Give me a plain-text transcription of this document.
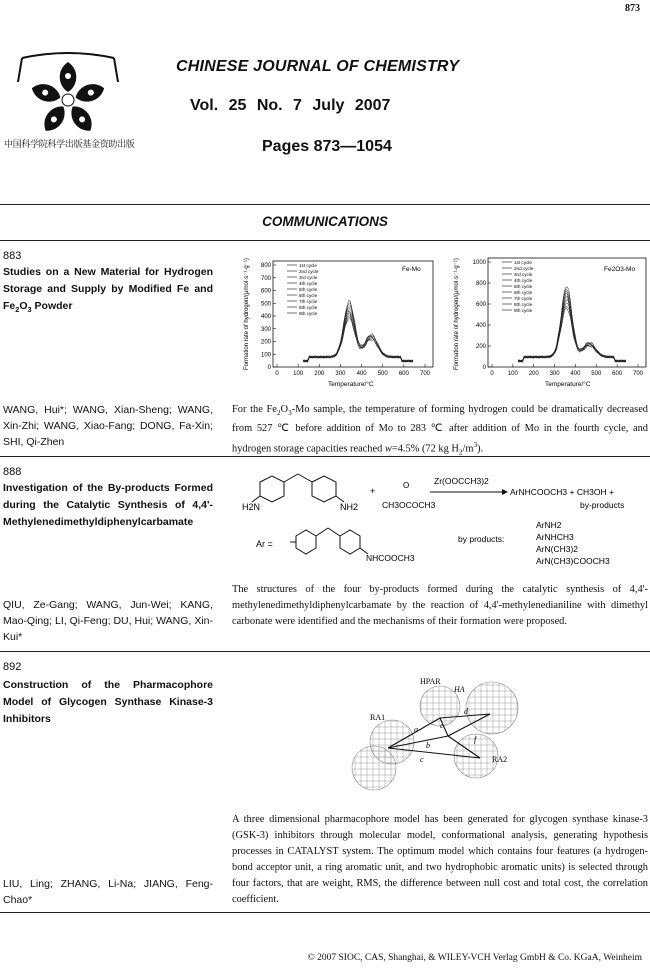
873
中国科学院科学出版基金资助出版
CHINESE JOURNAL OF CHEMISTRY
Vol. 25 No. 7 July 2007
Pages 873—1054
COMMUNICATIONS
883
Studies on a New Material for Hydrogen Storage and Supply by Modified Fe and $Fe_2O_3$ Powder	Formation rate of hydrogen/(μmol·s⁻¹·g⁻¹) 800
700
600
500
400
300
200
100
0
0 100 200 300 400 500 600 700
Fe-Mo
1st cycle
2nd cycle
3rd cycle
4th cycle
5th cycle
6th cycle
7th cycle
8th cycle
9th cycle
Temperature/°C
Formation rate of hydrogen/(μmol·s⁻¹·g⁻¹) 1000
800
600
400
200
0
0 100 200 300 400 500 600 700
Fe2O3-Mo
1st cycle
2nd cycle
3rd cycle
4th cycle
5th cycle
6th cycle
7th cycle
8th cycle
9th cycle
Temperature/°C
WANG, Hui*; WANG, Xian-Sheng; WANG, Xin-Zhi; WANG, Xiao-Fang; DONG, Fa-Xin; SHI, Qi-Zhen
For the $Fe_2O_3-Mo$ sample, the temperature of forming hydrogen could be dramatically decreased from 527 ℃ before addition of Mo to 283 ℃ after addition of Mo in the fourth cycle, and hydrogen storage capacities reached w=4.5% (72 kg $H_2/m^3$).
888
Investigation of the By-products Formed during the Catalytic Synthesis of 4,4'-Methylenedimethyldiphenylcarbamate
H2N	NH2
+
O
CH3OCOCH3
Zr(OOCCH3)2
ArNHCOOCH3 + CH3OH +
by-products
Ar =
NHCOOCH3
by products:
ArNH2
ArNHCH3
ArN(CH3)2
ArN(CH3)COOCH3
QIU, Ze-Gang; WANG, Jun-Wei; KANG, Mao-Qing; LI, Qi-Feng; DU, Hui; WANG, Xin-Kui*
The structures of the four by-products formed during the catalytic synthesis of 4,4'-methylenedimethyldiphenylcarbamate by the reaction of 4,4'-methylenedianiline with dimethyl carbonate were identified and the mechanisms of their formation were proposed.
892
Construction of the Pharmacophore Model of Glycogen Synthase Kinase-3 Inhibitors
HPAR
HA
RA1
RA2
a
b
c
d
e
f
A three dimensional pharmacophore model has been generated for glycogen synthase kinase-3 (GSK-3) inhibitors through molecular model, conformational analysis, generating hypothesis processes in CATALYST system. The optimum model which contains four features (a hydrogen-bond acceptor unit, a ring aromatic unit, and two hydrophobic aromatic units) is selected through four factors, that are weight, RMS, the difference between null cost and total cost, the correlation coefficient.
LIU, Ling; ZHANG, Li-Na; JIANG, Feng-Chao*
© 2007 SIOC, CAS, Shanghai, & WILEY-VCH Verlag GmbH & Co. KGaA, Weinheim
